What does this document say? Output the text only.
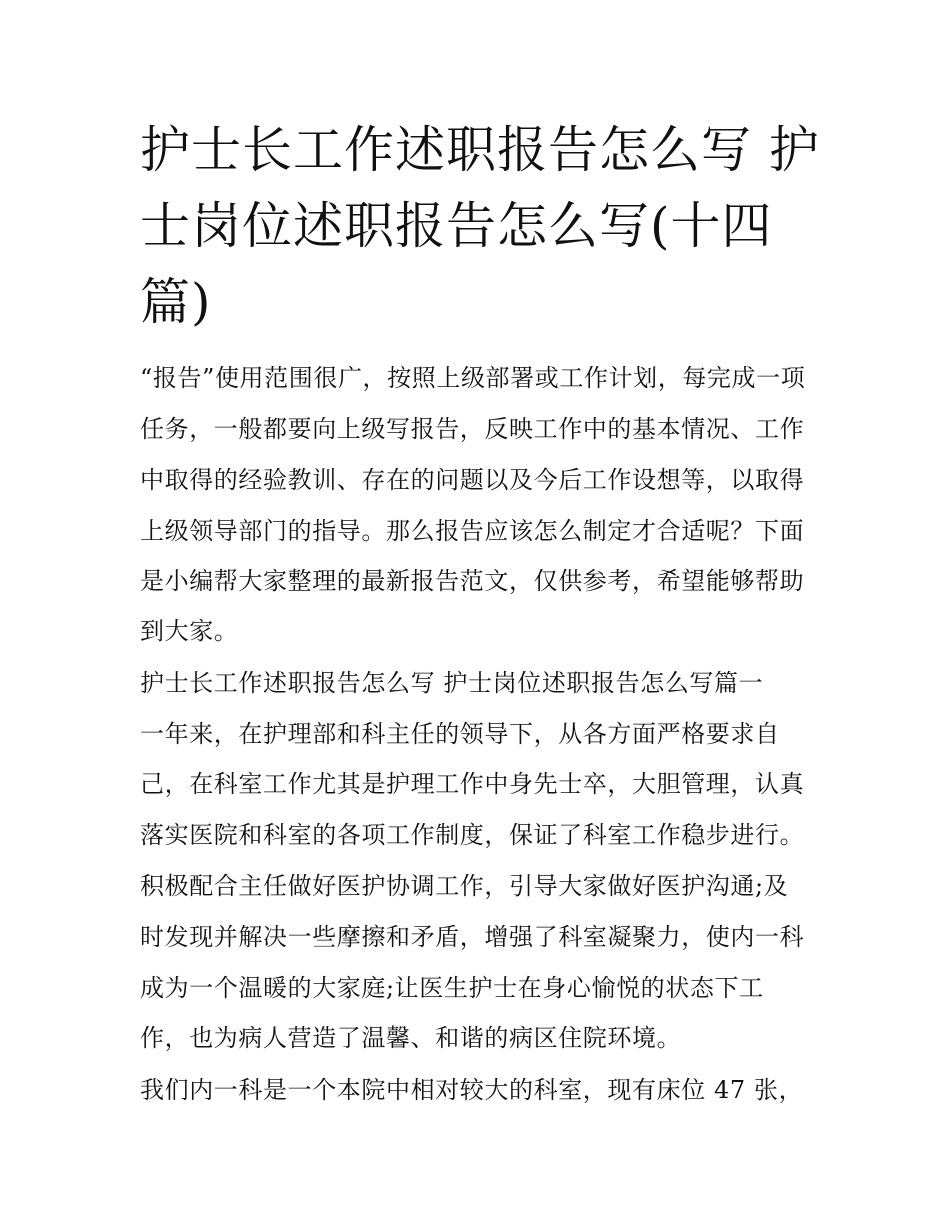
护士长工作述职报告怎么写 护士岗位述职报告怎么写(十四篇)

“报告”使用范围很广，按照上级部署或工作计划，每完成一项

任务，一般都要向上级写报告，反映工作中的基本情况、工作

中取得的经验教训、存在的问题以及今后工作设想等，以取得

上级领导部门的指导。那么报告应该怎么制定才合适呢？下面

是小编帮大家整理的最新报告范文，仅供参考，希望能够帮助

到大家。

护士长工作述职报告怎么写 护士岗位述职报告怎么写篇一

一年来，在护理部和科主任的领导下，从各方面严格要求自

己，在科室工作尤其是护理工作中身先士卒，大胆管理，认真

落实医院和科室的各项工作制度，保证了科室工作稳步进行。

积极配合主任做好医护协调工作，引导大家做好医护沟通;及

时发现并解决一些摩擦和矛盾，增强了科室凝聚力，使内一科

成为一个温暖的大家庭;让医生护士在身心愉悦的状态下工

作，也为病人营造了温馨、和谐的病区住院环境。

我们内一科是一个本院中相对较大的科室，现有床位 47 张，
